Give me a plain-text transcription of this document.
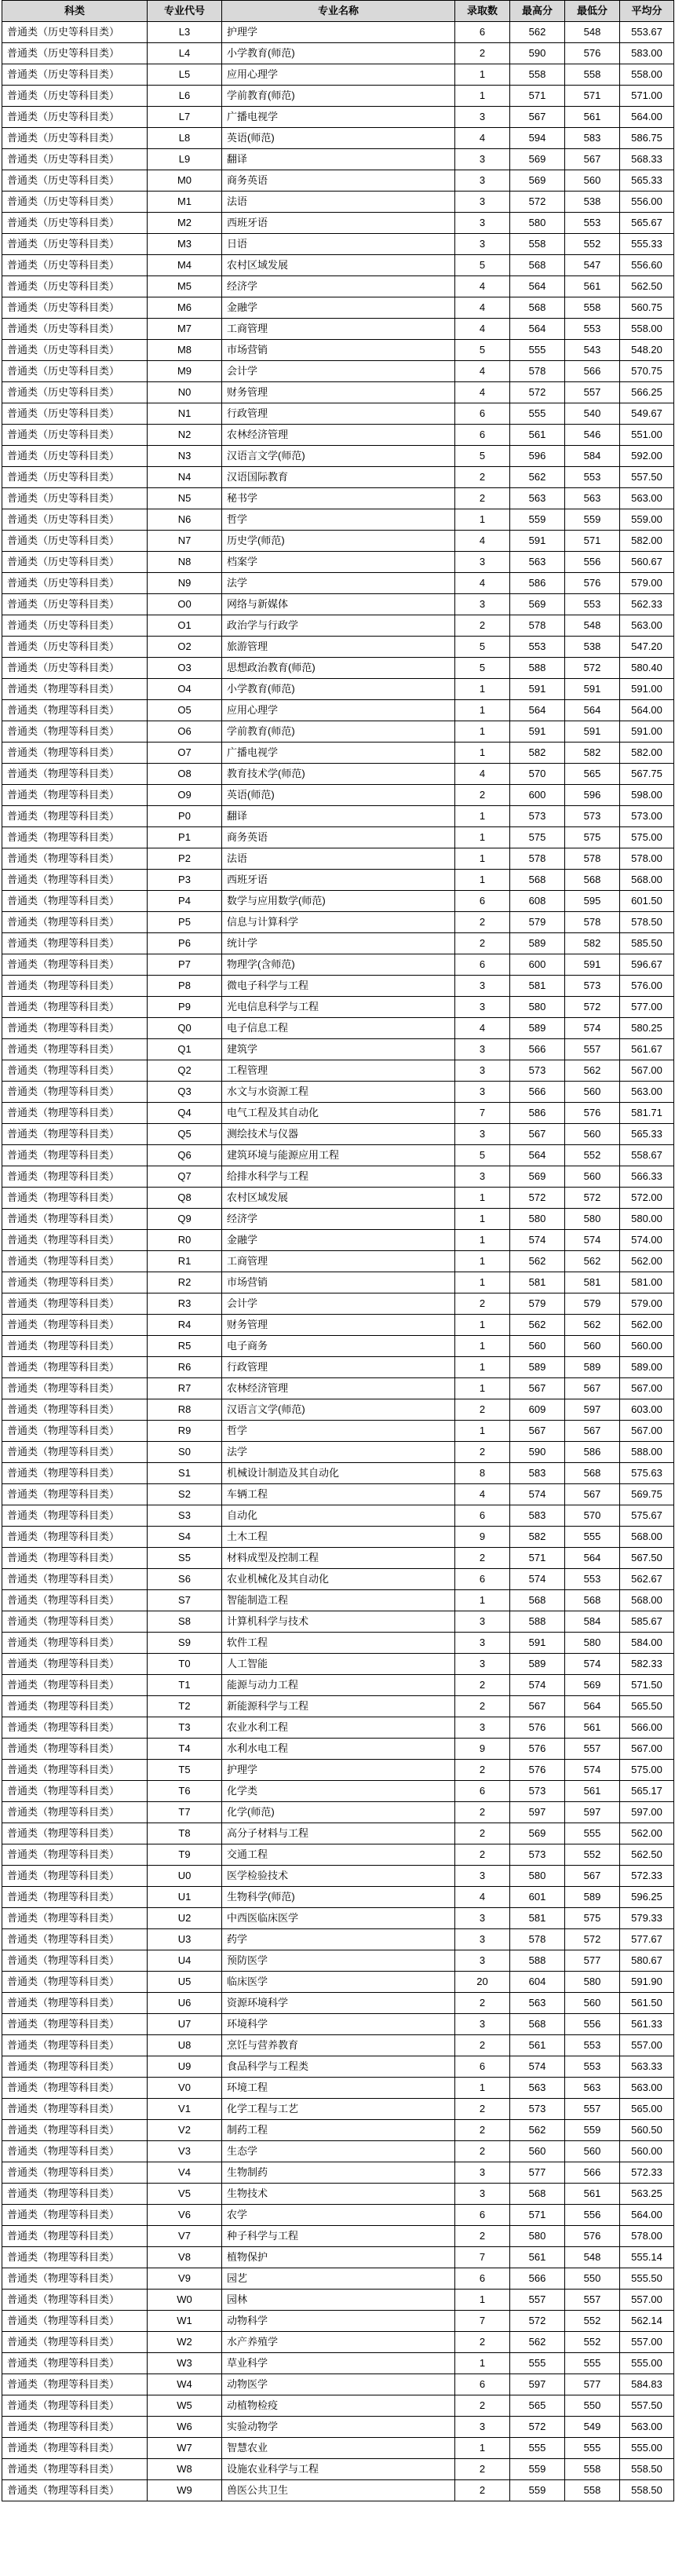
科类	专业代号	专业名称	录取数	最高分	最低分	平均分
普通类（历史等科目类）	L3	护理学	6	562	548	553.67
普通类（历史等科目类）	L4	小学教育(师范)	2	590	576	583.00
普通类（历史等科目类）	L5	应用心理学	1	558	558	558.00
普通类（历史等科目类）	L6	学前教育(师范)	1	571	571	571.00
普通类（历史等科目类）	L7	广播电视学	3	567	561	564.00
普通类（历史等科目类）	L8	英语(师范)	4	594	583	586.75
普通类（历史等科目类）	L9	翻译	3	569	567	568.33
普通类（历史等科目类）	M0	商务英语	3	569	560	565.33
普通类（历史等科目类）	M1	法语	3	572	538	556.00
普通类（历史等科目类）	M2	西班牙语	3	580	553	565.67
普通类（历史等科目类）	M3	日语	3	558	552	555.33
普通类（历史等科目类）	M4	农村区域发展	5	568	547	556.60
普通类（历史等科目类）	M5	经济学	4	564	561	562.50
普通类（历史等科目类）	M6	金融学	4	568	558	560.75
普通类（历史等科目类）	M7	工商管理	4	564	553	558.00
普通类（历史等科目类）	M8	市场营销	5	555	543	548.20
普通类（历史等科目类）	M9	会计学	4	578	566	570.75
普通类（历史等科目类）	N0	财务管理	4	572	557	566.25
普通类（历史等科目类）	N1	行政管理	6	555	540	549.67
普通类（历史等科目类）	N2	农林经济管理	6	561	546	551.00
普通类（历史等科目类）	N3	汉语言文学(师范)	5	596	584	592.00
普通类（历史等科目类）	N4	汉语国际教育	2	562	553	557.50
普通类（历史等科目类）	N5	秘书学	2	563	563	563.00
普通类（历史等科目类）	N6	哲学	1	559	559	559.00
普通类（历史等科目类）	N7	历史学(师范)	4	591	571	582.00
普通类（历史等科目类）	N8	档案学	3	563	556	560.67
普通类（历史等科目类）	N9	法学	4	586	576	579.00
普通类（历史等科目类）	O0	网络与新媒体	3	569	553	562.33
普通类（历史等科目类）	O1	政治学与行政学	2	578	548	563.00
普通类（历史等科目类）	O2	旅游管理	5	553	538	547.20
普通类（历史等科目类）	O3	思想政治教育(师范)	5	588	572	580.40
普通类（物理等科目类）	O4	小学教育(师范)	1	591	591	591.00
普通类（物理等科目类）	O5	应用心理学	1	564	564	564.00
普通类（物理等科目类）	O6	学前教育(师范)	1	591	591	591.00
普通类（物理等科目类）	O7	广播电视学	1	582	582	582.00
普通类（物理等科目类）	O8	教育技术学(师范)	4	570	565	567.75
普通类（物理等科目类）	O9	英语(师范)	2	600	596	598.00
普通类（物理等科目类）	P0	翻译	1	573	573	573.00
普通类（物理等科目类）	P1	商务英语	1	575	575	575.00
普通类（物理等科目类）	P2	法语	1	578	578	578.00
普通类（物理等科目类）	P3	西班牙语	1	568	568	568.00
普通类（物理等科目类）	P4	数学与应用数学(师范)	6	608	595	601.50
普通类（物理等科目类）	P5	信息与计算科学	2	579	578	578.50
普通类（物理等科目类）	P6	统计学	2	589	582	585.50
普通类（物理等科目类）	P7	物理学(含师范)	6	600	591	596.67
普通类（物理等科目类）	P8	微电子科学与工程	3	581	573	576.00
普通类（物理等科目类）	P9	光电信息科学与工程	3	580	572	577.00
普通类（物理等科目类）	Q0	电子信息工程	4	589	574	580.25
普通类（物理等科目类）	Q1	建筑学	3	566	557	561.67
普通类（物理等科目类）	Q2	工程管理	3	573	562	567.00
普通类（物理等科目类）	Q3	水文与水资源工程	3	566	560	563.00
普通类（物理等科目类）	Q4	电气工程及其自动化	7	586	576	581.71
普通类（物理等科目类）	Q5	测绘技术与仪器	3	567	560	565.33
普通类（物理等科目类）	Q6	建筑环境与能源应用工程	5	564	552	558.67
普通类（物理等科目类）	Q7	给排水科学与工程	3	569	560	566.33
普通类（物理等科目类）	Q8	农村区域发展	1	572	572	572.00
普通类（物理等科目类）	Q9	经济学	1	580	580	580.00
普通类（物理等科目类）	R0	金融学	1	574	574	574.00
普通类（物理等科目类）	R1	工商管理	1	562	562	562.00
普通类（物理等科目类）	R2	市场营销	1	581	581	581.00
普通类（物理等科目类）	R3	会计学	2	579	579	579.00
普通类（物理等科目类）	R4	财务管理	1	562	562	562.00
普通类（物理等科目类）	R5	电子商务	1	560	560	560.00
普通类（物理等科目类）	R6	行政管理	1	589	589	589.00
普通类（物理等科目类）	R7	农林经济管理	1	567	567	567.00
普通类（物理等科目类）	R8	汉语言文学(师范)	2	609	597	603.00
普通类（物理等科目类）	R9	哲学	1	567	567	567.00
普通类（物理等科目类）	S0	法学	2	590	586	588.00
普通类（物理等科目类）	S1	机械设计制造及其自动化	8	583	568	575.63
普通类（物理等科目类）	S2	车辆工程	4	574	567	569.75
普通类（物理等科目类）	S3	自动化	6	583	570	575.67
普通类（物理等科目类）	S4	土木工程	9	582	555	568.00
普通类（物理等科目类）	S5	材料成型及控制工程	2	571	564	567.50
普通类（物理等科目类）	S6	农业机械化及其自动化	6	574	553	562.67
普通类（物理等科目类）	S7	智能制造工程	1	568	568	568.00
普通类（物理等科目类）	S8	计算机科学与技术	3	588	584	585.67
普通类（物理等科目类）	S9	软件工程	3	591	580	584.00
普通类（物理等科目类）	T0	人工智能	3	589	574	582.33
普通类（物理等科目类）	T1	能源与动力工程	2	574	569	571.50
普通类（物理等科目类）	T2	新能源科学与工程	2	567	564	565.50
普通类（物理等科目类）	T3	农业水利工程	3	576	561	566.00
普通类（物理等科目类）	T4	水利水电工程	9	576	557	567.00
普通类（物理等科目类）	T5	护理学	2	576	574	575.00
普通类（物理等科目类）	T6	化学类	6	573	561	565.17
普通类（物理等科目类）	T7	化学(师范)	2	597	597	597.00
普通类（物理等科目类）	T8	高分子材料与工程	2	569	555	562.00
普通类（物理等科目类）	T9	交通工程	2	573	552	562.50
普通类（物理等科目类）	U0	医学检验技术	3	580	567	572.33
普通类（物理等科目类）	U1	生物科学(师范)	4	601	589	596.25
普通类（物理等科目类）	U2	中西医临床医学	3	581	575	579.33
普通类（物理等科目类）	U3	药学	3	578	572	577.67
普通类（物理等科目类）	U4	预防医学	3	588	577	580.67
普通类（物理等科目类）	U5	临床医学	20	604	580	591.90
普通类（物理等科目类）	U6	资源环境科学	2	563	560	561.50
普通类（物理等科目类）	U7	环境科学	3	568	556	561.33
普通类（物理等科目类）	U8	烹饪与营养教育	2	561	553	557.00
普通类（物理等科目类）	U9	食品科学与工程类	6	574	553	563.33
普通类（物理等科目类）	V0	环境工程	1	563	563	563.00
普通类（物理等科目类）	V1	化学工程与工艺	2	573	557	565.00
普通类（物理等科目类）	V2	制药工程	2	562	559	560.50
普通类（物理等科目类）	V3	生态学	2	560	560	560.00
普通类（物理等科目类）	V4	生物制药	3	577	566	572.33
普通类（物理等科目类）	V5	生物技术	3	568	561	563.25
普通类（物理等科目类）	V6	农学	6	571	556	564.00
普通类（物理等科目类）	V7	种子科学与工程	2	580	576	578.00
普通类（物理等科目类）	V8	植物保护	7	561	548	555.14
普通类（物理等科目类）	V9	园艺	6	566	550	555.50
普通类（物理等科目类）	W0	园林	1	557	557	557.00
普通类（物理等科目类）	W1	动物科学	7	572	552	562.14
普通类（物理等科目类）	W2	水产养殖学	2	562	552	557.00
普通类（物理等科目类）	W3	草业科学	1	555	555	555.00
普通类（物理等科目类）	W4	动物医学	6	597	577	584.83
普通类（物理等科目类）	W5	动植物检疫	2	565	550	557.50
普通类（物理等科目类）	W6	实验动物学	3	572	549	563.00
普通类（物理等科目类）	W7	智慧农业	1	555	555	555.00
普通类（物理等科目类）	W8	设施农业科学与工程	2	559	558	558.50
普通类（物理等科目类）	W9	兽医公共卫生	2	559	558	558.50
